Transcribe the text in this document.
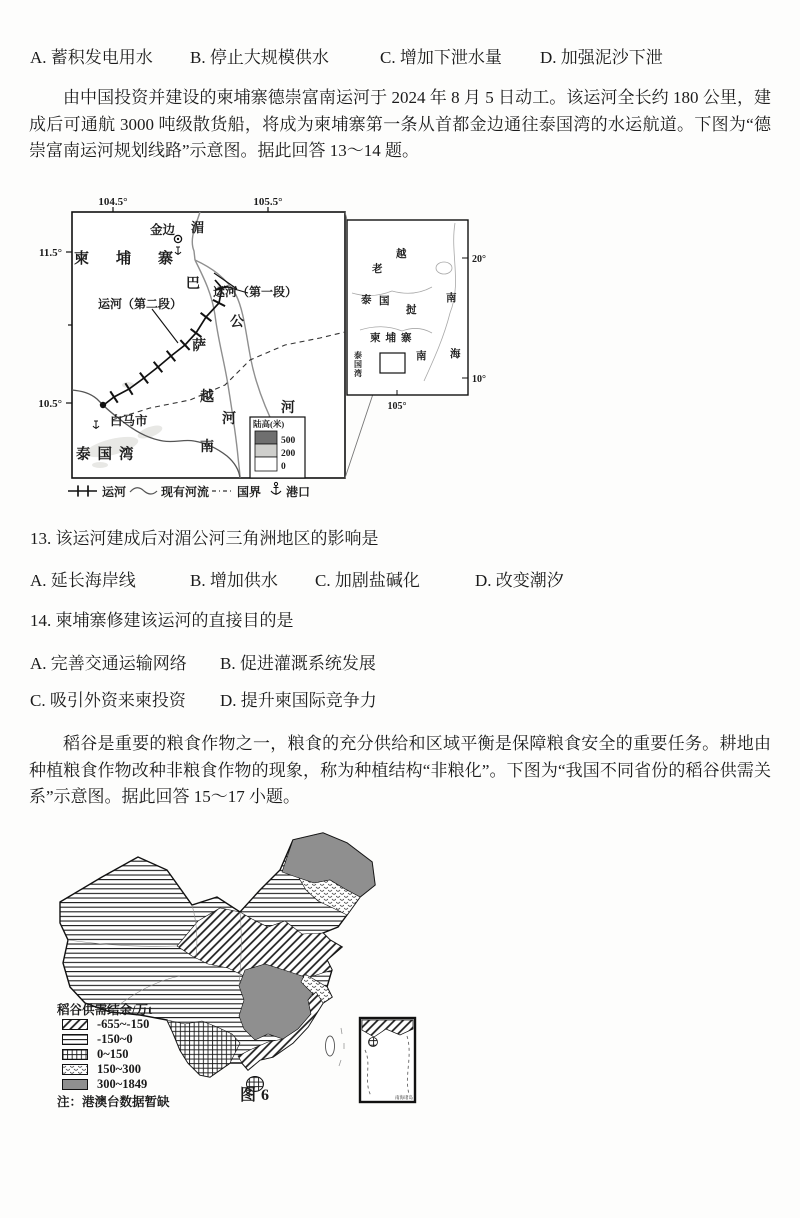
A. 蓄积发电用水 B. 停止大规模供水	C. 增加下泄水量 D. 加强泥沙下泄

由中国投资并建设的柬埔寨德崇富南运河于 2024 年 8 月 5 日动工。该运河全长约 180 公里，建成后可通航 3000 吨级散货船，将成为柬埔寨第一条从首都金边通往泰国湾的水运航道。下图为“德崇富南运河规划线路”示意图。据此回答 13～14 题。

104.5°	105.5°
11.5°
10.5°
金边
柬埔寨
湄
公
河
巴
萨
河
越
南
运河（第一段）
运河（第二段）
白马市
泰国湾
陆高(米)
500
200
0
20°
10°
105°
越
南
老
挝
泰 国
柬埔寨
南 海
泰
国
湾
运河	现有河流 国界 港口
13. 该运河建成后对湄公河三角洲地区的影响是
A. 延长海岸线	B. 增加供水 C. 加剧盐碱化	D. 改变潮汐
14. 柬埔寨修建该运河的直接目的是
A. 完善交通运输网络 B. 促进灌溉系统发展
C. 吸引外资来柬投资 D. 提升柬国际竞争力

稻谷是重要的粮食作物之一，粮食的充分供给和区域平衡是保障粮食安全的重要任务。耕地由种植粮食作物改种非粮食作物的现象，称为种植结构“非粮化”。下图为“我国不同省份的稻谷供需关系”示意图。据此回答 15～17 小题。

南海诸岛
稻谷供需结余/万t
-655~-150
-150~0
0~150
150~300
300~1849
注：港澳台数据暂缺	图6
